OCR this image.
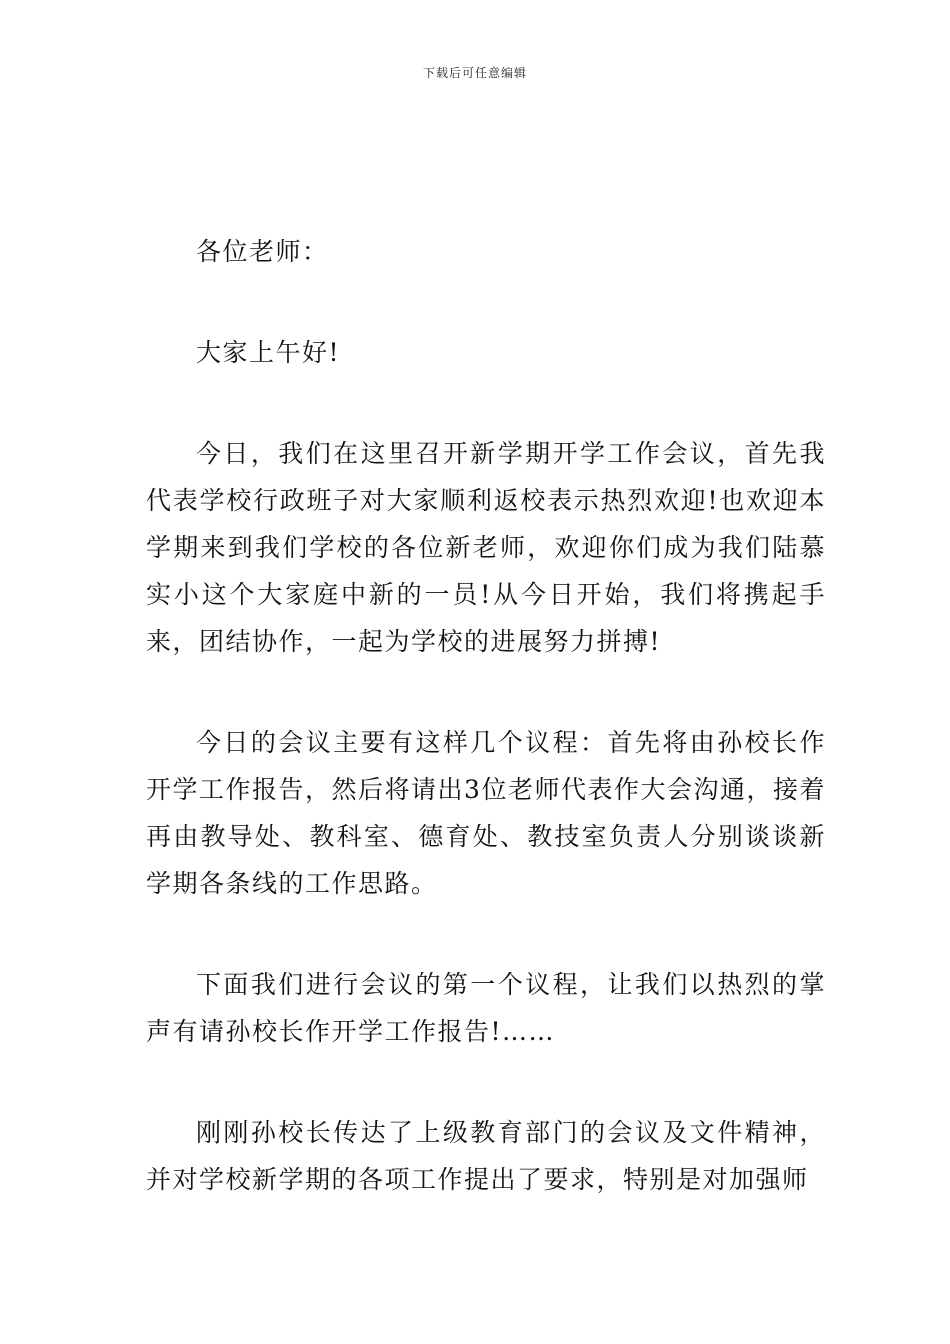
下载后可任意编辑

各位老师：

大家上午好!

今日，我们在这里召开新学期开学工作会议，首先我代表学校行政班子对大家顺利返校表示热烈欢迎!也欢迎本学期来到我们学校的各位新老师，欢迎你们成为我们陆慕实小这个大家庭中新的一员!从今日开始，我们将携起手来，团结协作，一起为学校的进展努力拼搏!

今日的会议主要有这样几个议程：首先将由孙校长作开学工作报告，然后将请出3位老师代表作大会沟通，接着再由教导处、教科室、德育处、教技室负责人分别谈谈新学期各条线的工作思路。

下面我们进行会议的第一个议程，让我们以热烈的掌声有请孙校长作开学工作报告!……

刚刚孙校长传达了上级教育部门的会议及文件精神，并对学校新学期的各项工作提出了要求，特别是对加强师
